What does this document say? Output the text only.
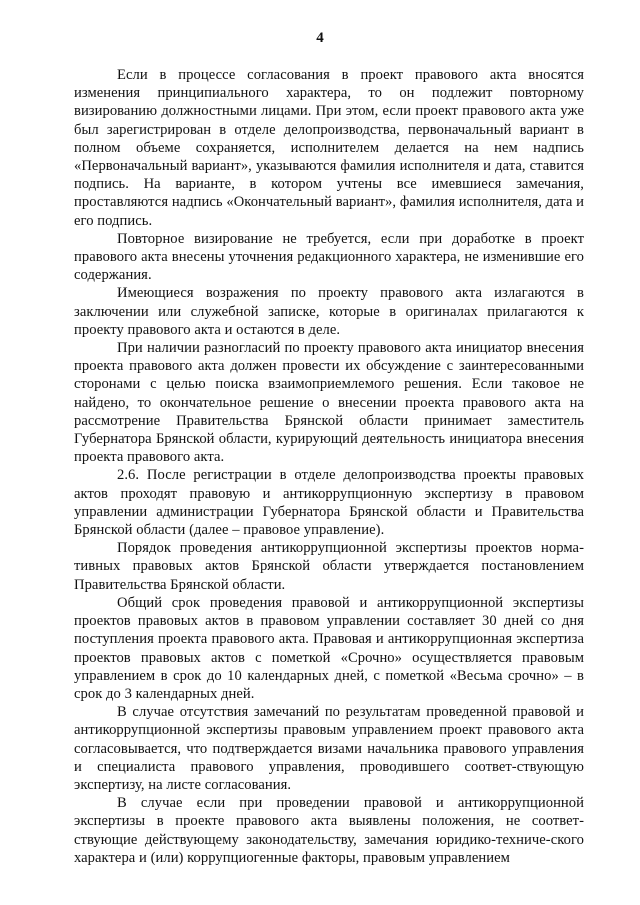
4

Если в процессе согласования в проект правового акта вносятся изменения принципиального характера, то он подлежит повторному визированию должностными лицами. При этом, если проект правового акта уже был зарегистрирован в отделе делопроизводства, первоначальный вариант в полном объеме сохраняется, исполнителем делается на нем надпись «Первоначальный вариант», указываются фамилия исполнителя и дата, ставится подпись. На варианте, в котором учтены все имевшиеся замечания, проставляются надпись «Окончательный вариант», фамилия исполнителя, дата и его подпись.

Повторное визирование не требуется, если при доработке в проект правового акта внесены уточнения редакционного характера, не изменившие его содержания.

Имеющиеся возражения по проекту правового акта излагаются в заключении или служебной записке, которые в оригиналах прилагаются к проекту правового акта и остаются в деле.

При наличии разногласий по проекту правового акта инициатор внесения проекта правового акта должен провести их обсуждение с заинтересованными сторонами с целью поиска взаимоприемлемого решения. Если таковое не найдено, то окончательное решение о внесении проекта правового акта на рассмотрение Правительства Брянской области принимает заместитель Губернатора Брянской области, курирующий деятельность инициатора внесения проекта правового акта.

2.6. После регистрации в отделе делопроизводства проекты правовых актов проходят правовую и антикоррупционную экспертизу в правовом управлении администрации Губернатора Брянской области и Правительства Брянской области (далее – правовое управление).

Порядок проведения антикоррупционной экспертизы проектов норма-тивных правовых актов Брянской области утверждается постановлением Правительства Брянской области.

Общий срок проведения правовой и антикоррупционной экспертизы проектов правовых актов в правовом управлении составляет 30 дней со дня поступления проекта правового акта. Правовая и антикоррупционная экспертиза проектов правовых актов с пометкой «Срочно» осуществляется правовым управлением в срок до 10 календарных дней, с пометкой «Весьма срочно» – в срок до 3 календарных дней.

В случае отсутствия замечаний по результатам проведенной правовой и антикоррупционной экспертизы правовым управлением проект правового акта согласовывается, что подтверждается визами начальника правового управления и специалиста правового управления, проводившего соответ-ствующую экспертизу, на листе согласования.

В случае если при проведении правовой и антикоррупционной экспертизы в проекте правового акта выявлены положения, не соответ-ствующие действующему законодательству, замечания юридико-техниче-ского характера и (или) коррупциогенные факторы, правовым управлением
